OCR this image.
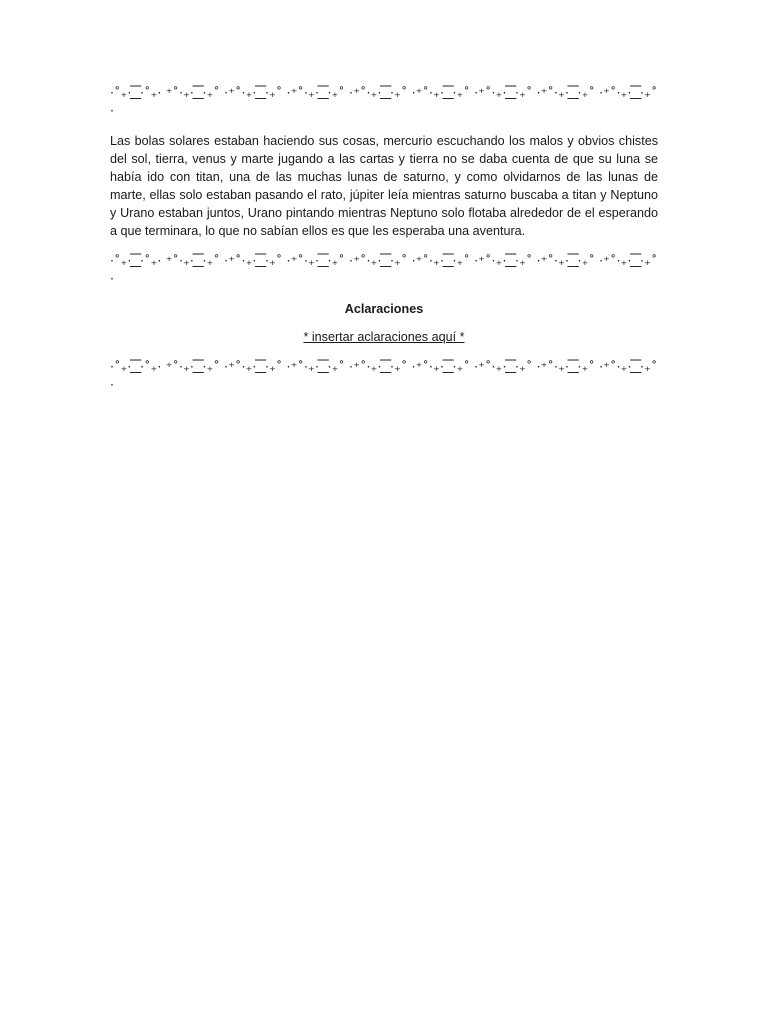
·˚₊· ͟͟͞͞ ·˚₊· ⁺˚·₊· ͟͟͞͞ ·₊˚ ·⁺˚·₊· ͟͟͞͞ ·₊˚ ·⁺˚·₊· ͟͟͞͞ ·₊˚ ·⁺˚·₊· ͟͟͞͞ ·₊˚ ·⁺˚·₊· ͟͟͞͞ ·₊˚ ·⁺˚·₊· ͟͟͞͞ ·₊˚ ·⁺˚·₊· ͟͟͞͞ ·₊˚ ·⁺˚·₊· ͟͟͞͞ ·₊˚ ·

Las bolas solares estaban haciendo sus cosas, mercurio escuchando los malos y obvios chistes del sol, tierra, venus y marte jugando a las cartas y tierra no se daba cuenta de que su luna se había ido con titan, una de las muchas lunas de saturno, y como olvidarnos de las lunas de marte, ellas solo estaban pasando el rato, júpiter leía mientras saturno buscaba a titan y Neptuno y Urano estaban juntos, Urano pintando mientras Neptuno solo flotaba alrededor de el esperando a que terminara, lo que no sabían ellos es que les esperaba una aventura.

·˚₊· ͟͟͞͞ ·˚₊· ⁺˚·₊· ͟͟͞͞ ·₊˚ ·⁺˚·₊· ͟͟͞͞ ·₊˚ ·⁺˚·₊· ͟͟͞͞ ·₊˚ ·⁺˚·₊· ͟͟͞͞ ·₊˚ ·⁺˚·₊· ͟͟͞͞ ·₊˚ ·⁺˚·₊· ͟͟͞͞ ·₊˚ ·⁺˚·₊· ͟͟͞͞ ·₊˚ ·⁺˚·₊· ͟͟͞͞ ·₊˚ ·

Aclaraciones

* insertar aclaraciones aquí *

·˚₊· ͟͟͞͞ ·˚₊· ⁺˚·₊· ͟͟͞͞ ·₊˚ ·⁺˚·₊· ͟͟͞͞ ·₊˚ ·⁺˚·₊· ͟͟͞͞ ·₊˚ ·⁺˚·₊· ͟͟͞͞ ·₊˚ ·⁺˚·₊· ͟͟͞͞ ·₊˚ ·⁺˚·₊· ͟͟͞͞ ·₊˚ ·⁺˚·₊· ͟͟͞͞ ·₊˚ ·⁺˚·₊· ͟͟͞͞ ·₊˚ ·
